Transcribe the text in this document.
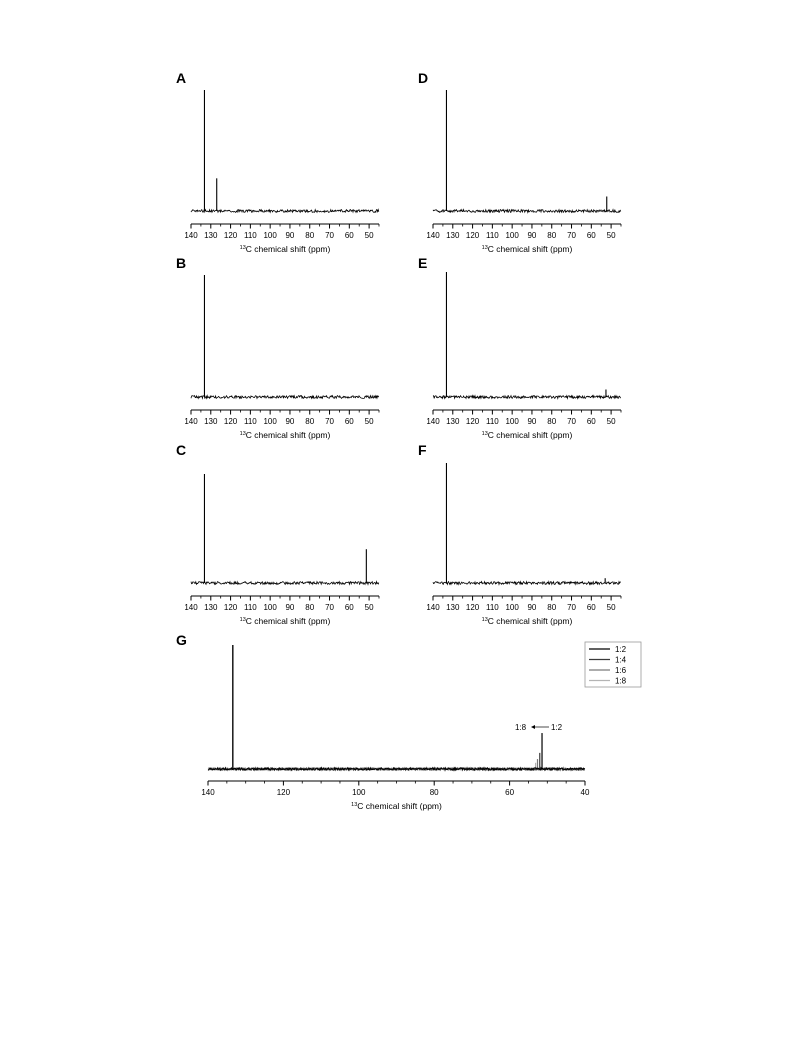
A
140 130 120 110 100 90 80 70 60 50
$^{13}$C chemical shift (ppm)
B
140 130 120 110 100 90 80 70 60 50
$^{13}$C chemical shift (ppm)
C
140 130 120 110 100 90 80 70 60 50
$^{13}$C chemical shift (ppm)
D
140 130 120 110 100 90 80 70 60 50
$^{13}$C chemical shift (ppm)
E
140 130 120 110 100 90 80 70 60 50
$^{13}$C chemical shift (ppm)
F
140 130 120 110 100 90 80 70 60 50
$^{13}$C chemical shift (ppm)
G
140	120	100	80	60	40
$^{13}$C chemical shift (ppm)
1:2
1:4
1:6
1:8
1:8	1:2
